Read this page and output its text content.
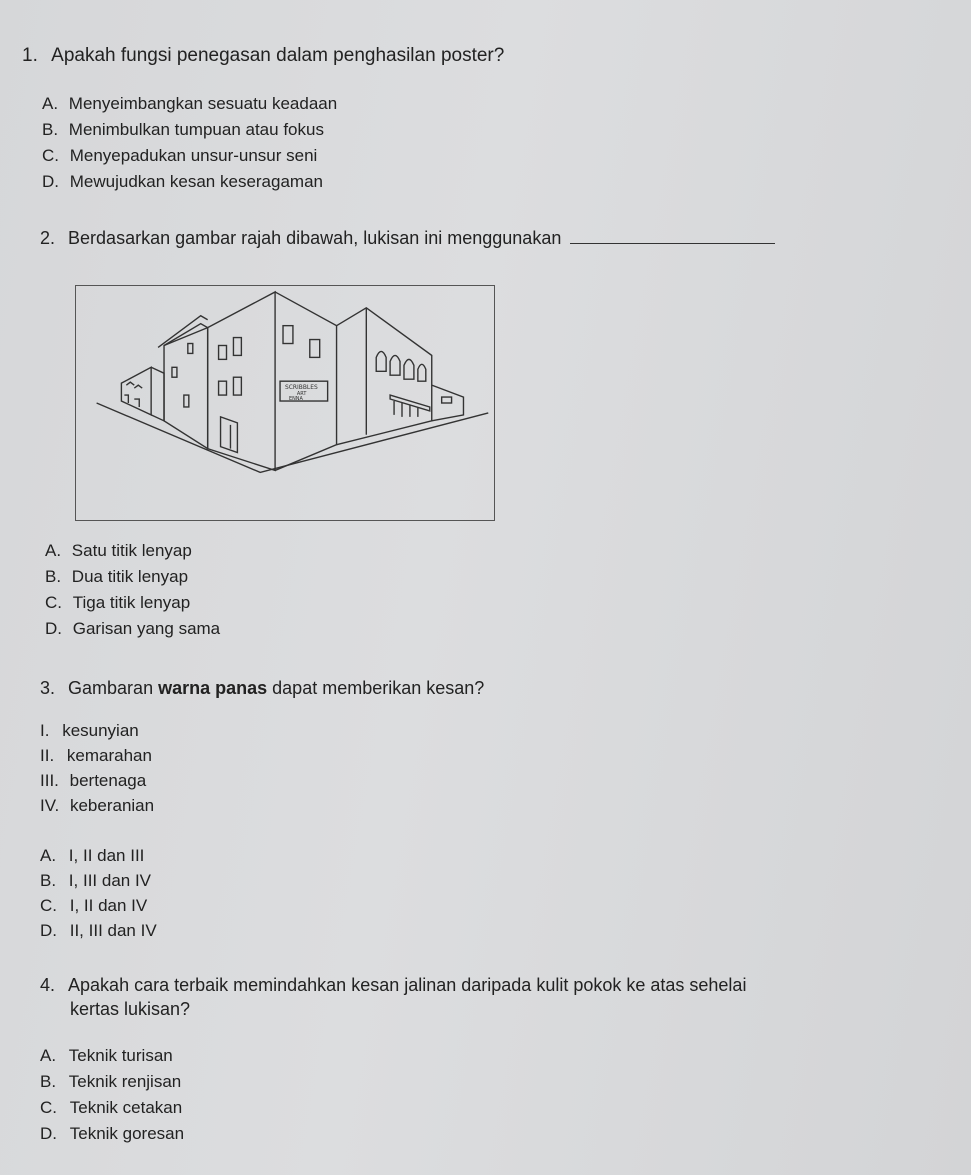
1. Apakah fungsi penegasan dalam penghasilan poster?
A. Menyeimbangkan sesuatu keadaan
B. Menimbulkan tumpuan atau fokus
C. Menyepadukan unsur-unsur seni
D. Mewujudkan kesan keseragaman
2. Berdasarkan gambar rajah dibawah, lukisan ini menggunakan
SCRIBBLES
ART
ENNA
A. Satu titik lenyap
B. Dua titik lenyap
C. Tiga titik lenyap
D. Garisan yang sama
3. Gambaran warna panas dapat memberikan kesan?
I. kesunyian
II. kemarahan
III. bertenaga
IV. keberanian
A. I, II dan III
B. I, III dan IV
C. I, II dan IV
D. II, III dan IV
4. Apakah cara terbaik memindahkan kesan jalinan daripada kulit pokok ke atas sehelai
kertas lukisan?
A. Teknik turisan
B. Teknik renjisan
C. Teknik cetakan
D. Teknik goresan
